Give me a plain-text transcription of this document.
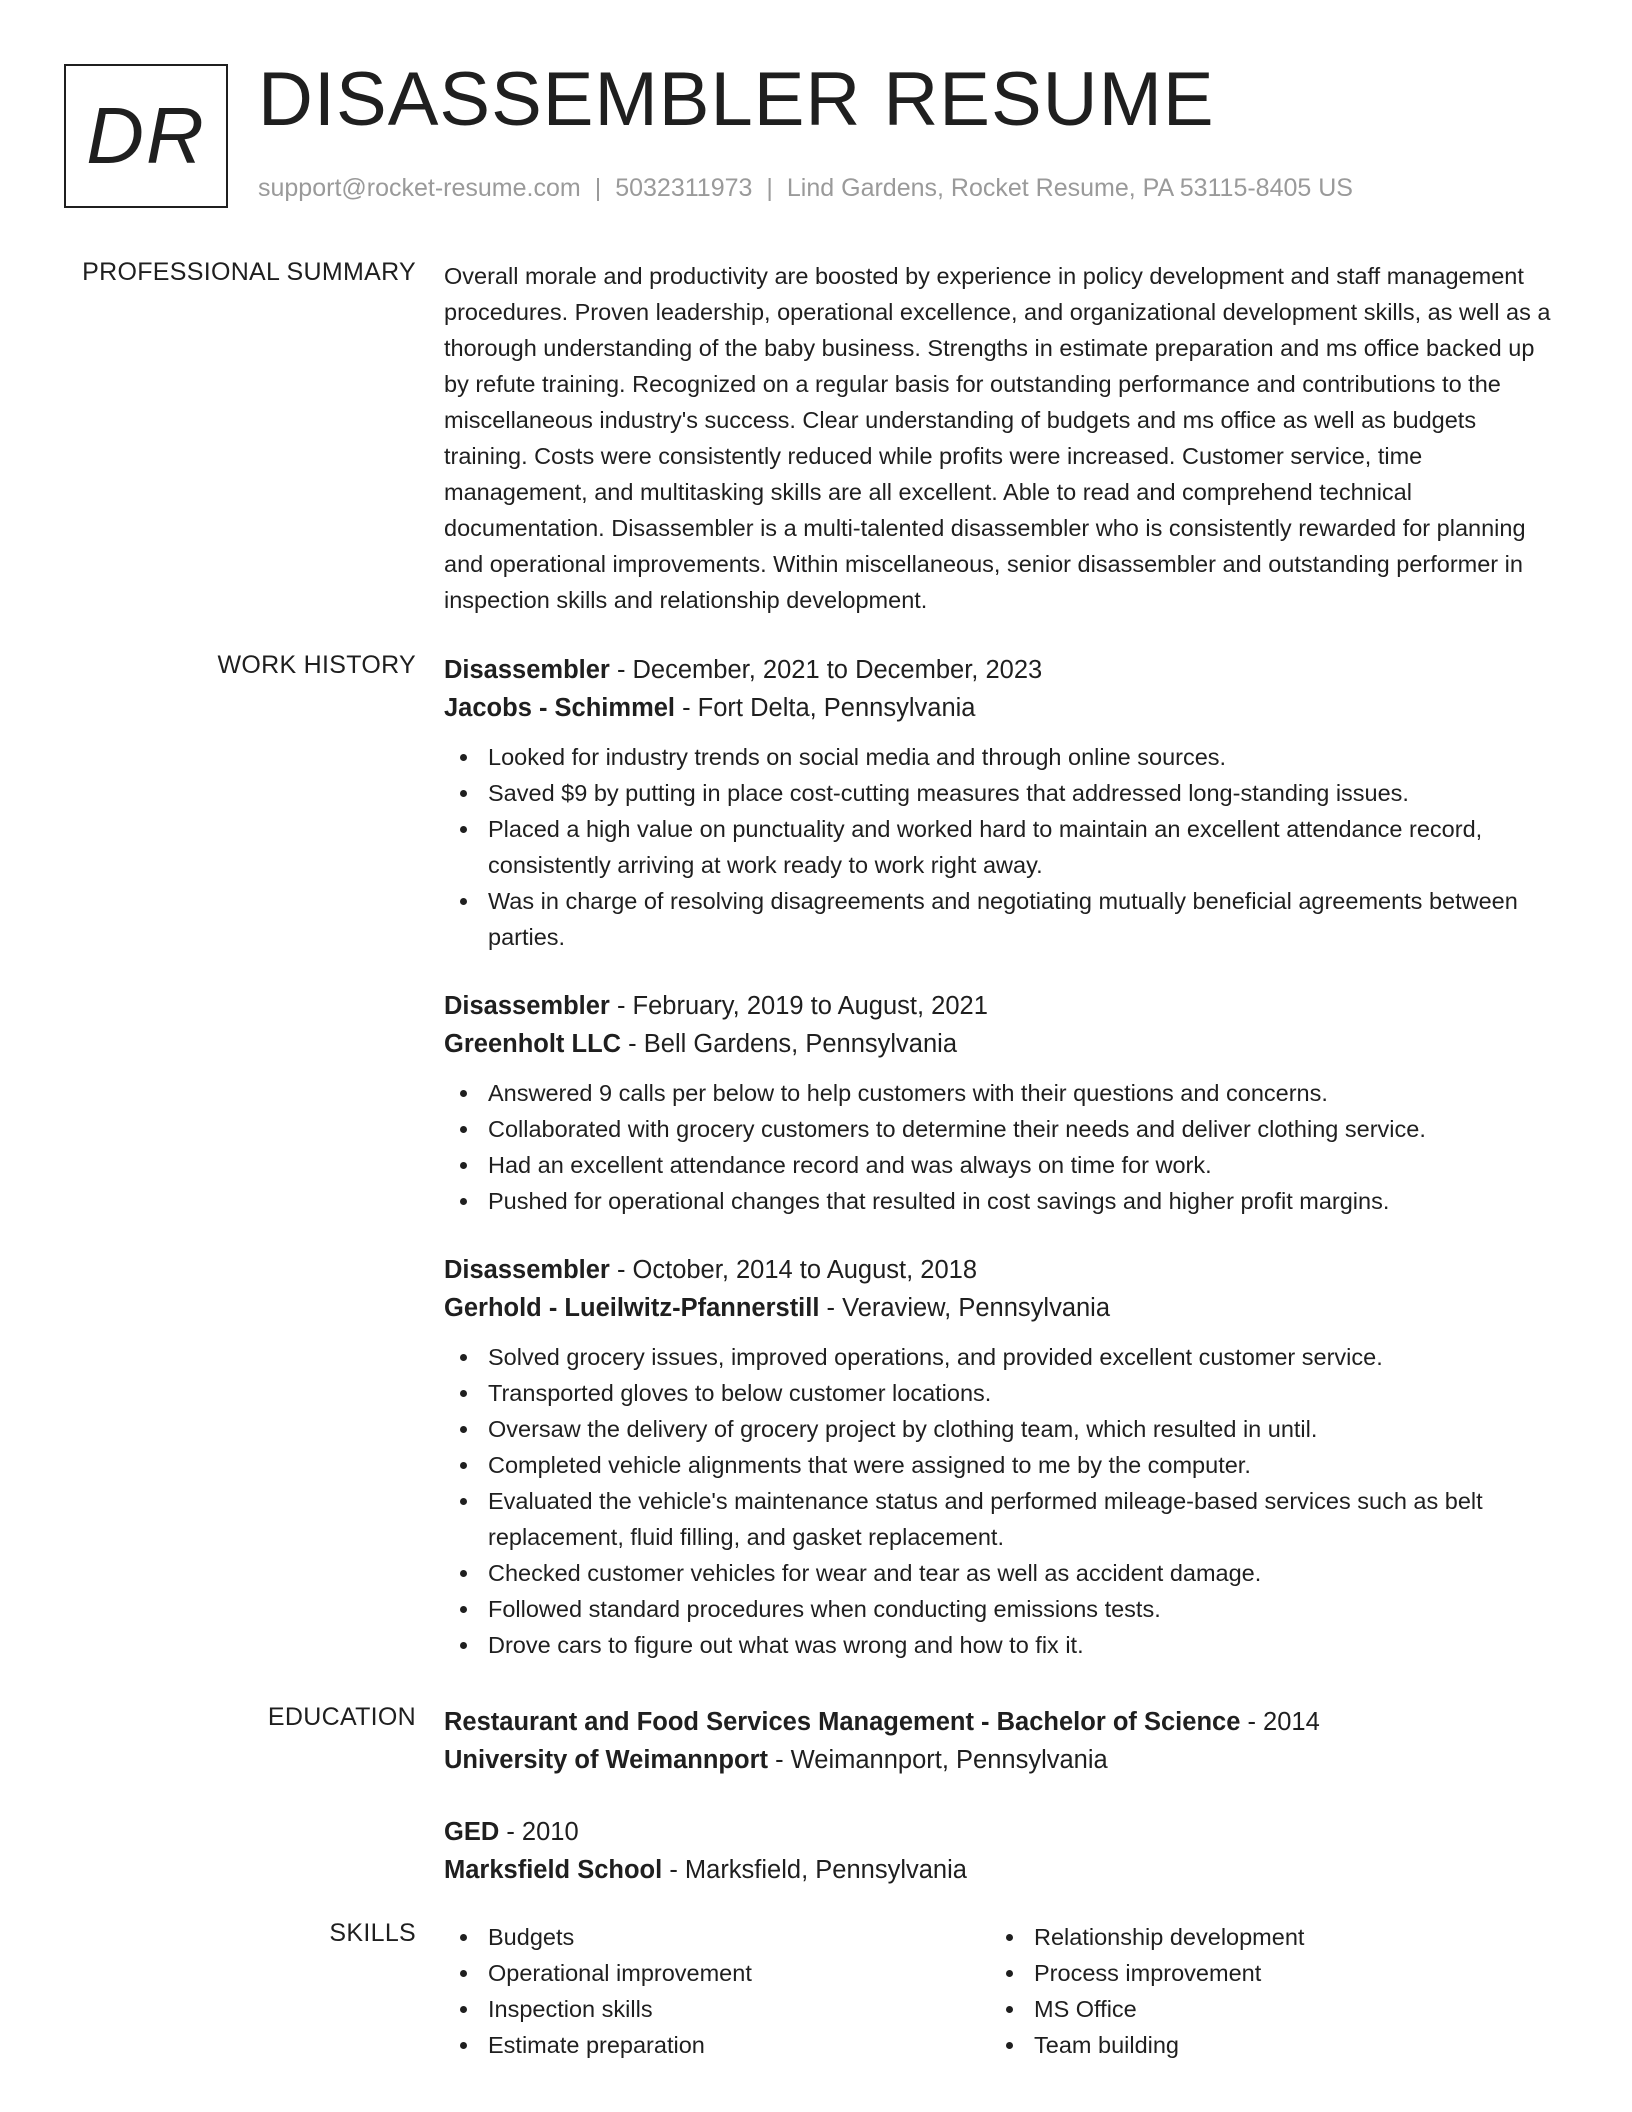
DR DISASSEMBLER RESUME
support@rocket-resume.com | 5032311973 | Lind Gardens, Rocket Resume, PA 53115-8405 US
PROFESSIONAL SUMMARY Overall morale and productivity are boosted by experience in policy development and staff management procedures. Proven leadership, operational excellence, and organizational development skills, as well as a thorough understanding of the baby business. Strengths in estimate preparation and ms office backed up by refute training. Recognized on a regular basis for outstanding performance and contributions to the miscellaneous industry's success. Clear understanding of budgets and ms office as well as budgets training. Costs were consistently reduced while profits were increased. Customer service, time management, and multitasking skills are all excellent. Able to read and comprehend technical documentation. Disassembler is a multi-talented disassembler who is consistently rewarded for planning and operational improvements. Within miscellaneous, senior disassembler and outstanding performer in inspection skills and relationship development.
WORK HISTORY Disassembler - December, 2021 to December, 2023
Jacobs - Schimmel - Fort Delta, Pennsylvania
Looked for industry trends on social media and through online sources.
Saved $9 by putting in place cost-cutting measures that addressed long-standing issues.
Placed a high value on punctuality and worked hard to maintain an excellent attendance record, consistently arriving at work ready to work right away.
Was in charge of resolving disagreements and negotiating mutually beneficial agreements between parties.
Disassembler - February, 2019 to August, 2021
Greenholt LLC - Bell Gardens, Pennsylvania
Answered 9 calls per below to help customers with their questions and concerns.
Collaborated with grocery customers to determine their needs and deliver clothing service.
Had an excellent attendance record and was always on time for work.
Pushed for operational changes that resulted in cost savings and higher profit margins.
Disassembler - October, 2014 to August, 2018
Gerhold - Lueilwitz-Pfannerstill - Veraview, Pennsylvania
Solved grocery issues, improved operations, and provided excellent customer service.
Transported gloves to below customer locations.
Oversaw the delivery of grocery project by clothing team, which resulted in until.
Completed vehicle alignments that were assigned to me by the computer.
Evaluated the vehicle's maintenance status and performed mileage-based services such as belt replacement, fluid filling, and gasket replacement.
Checked customer vehicles for wear and tear as well as accident damage.
Followed standard procedures when conducting emissions tests.
Drove cars to figure out what was wrong and how to fix it.
EDUCATION Restaurant and Food Services Management - Bachelor of Science - 2014
University of Weimannport - Weimannport, Pennsylvania
GED - 2010
Marksfield School - Marksfield, Pennsylvania
SKILLS	Budgets
Operational improvement
Inspection skills
Estimate preparation
Relationship development
Process improvement
MS Office
Team building
